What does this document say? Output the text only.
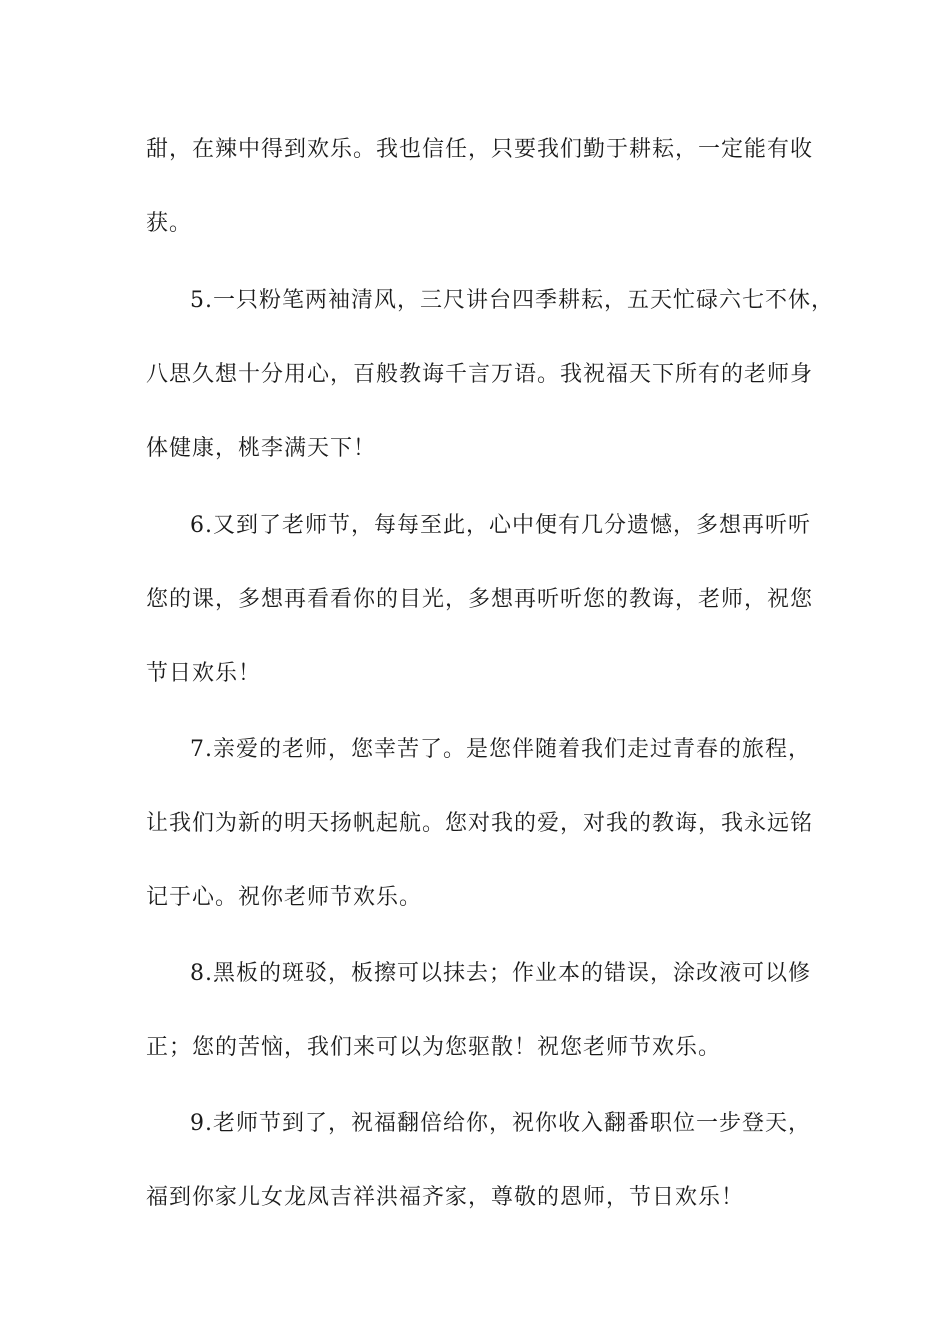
甜，在辣中得到欢乐。我也信任，只要我们勤于耕耘，一定能有收
获。
5.一只粉笔两袖清风，三尺讲台四季耕耘，五天忙碌六七不休，
八思久想十分用心，百般教诲千言万语。我祝福天下所有的老师身
体健康，桃李满天下！
6.又到了老师节，每每至此，心中便有几分遗憾，多想再听听
您的课，多想再看看你的目光，多想再听听您的教诲，老师，祝您
节日欢乐！
7.亲爱的老师，您幸苦了。是您伴随着我们走过青春的旅程，
让我们为新的明天扬帆起航。您对我的爱，对我的教诲，我永远铭
记于心。祝你老师节欢乐。
8.黑板的斑驳，板擦可以抹去；作业本的错误，涂改液可以修
正；您的苦恼，我们来可以为您驱散！祝您老师节欢乐。
9.老师节到了，祝福翻倍给你，祝你收入翻番职位一步登天，
福到你家儿女龙凤吉祥洪福齐家，尊敬的恩师，节日欢乐！
